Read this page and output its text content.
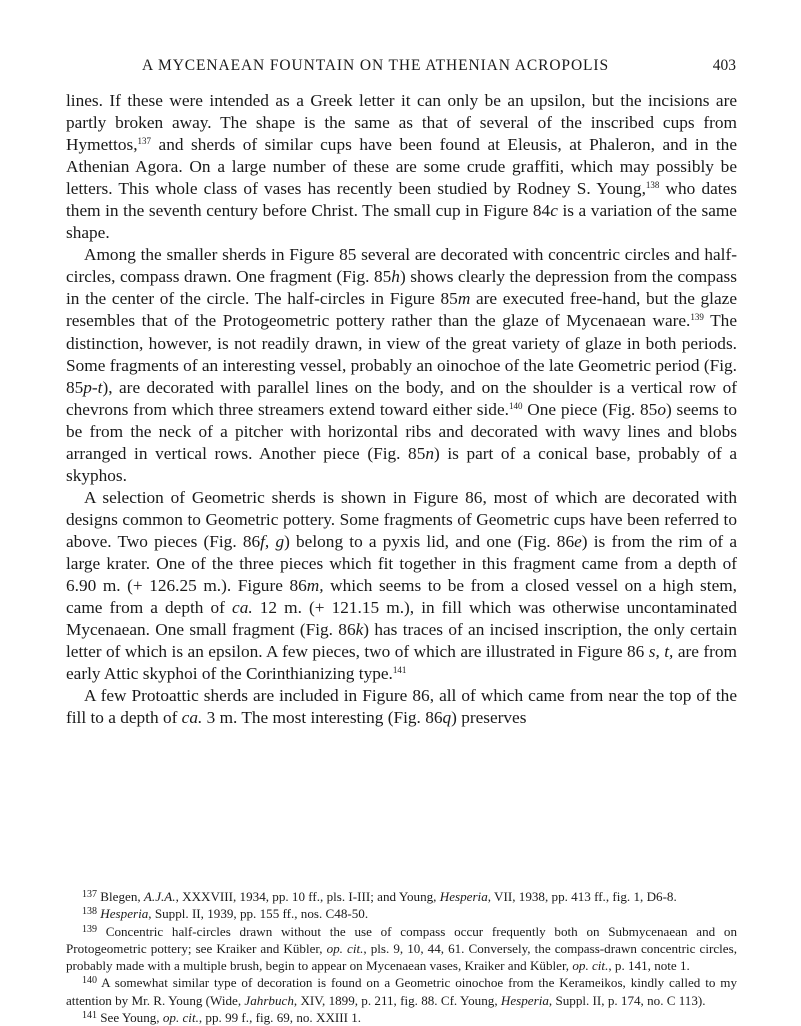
A MYCENAEAN FOUNTAIN ON THE ATHENIAN ACROPOLIS	403

lines. If these were intended as a Greek letter it can only be an upsilon, but the incisions are partly broken away. The shape is the same as that of several of the inscribed cups from Hymettos,$^{137}$ and sherds of similar cups have been found at Eleusis, at Phaleron, and in the Athenian Agora. On a large number of these are some crude graffiti, which may possibly be letters. This whole class of vases has recently been studied by Rodney S. Young,$^{138}$ who dates them in the seventh century before Christ. The small cup in Figure 84c is a variation of the same shape.

Among the smaller sherds in Figure 85 several are decorated with concentric circles and half-circles, compass drawn. One fragment (Fig. 85h) shows clearly the depression from the compass in the center of the circle. The half-circles in Figure 85m are executed free-hand, but the glaze resembles that of the Protogeometric pottery rather than the glaze of Mycenaean ware.$^{139}$ The distinction, however, is not readily drawn, in view of the great variety of glaze in both periods. Some fragments of an interesting vessel, probably an oinochoe of the late Geometric period (Fig. 85p-t), are decorated with parallel lines on the body, and on the shoulder is a vertical row of chevrons from which three streamers extend toward either side.$^{140}$ One piece (Fig. 85o) seems to be from the neck of a pitcher with horizontal ribs and decorated with wavy lines and blobs arranged in vertical rows. Another piece (Fig. 85n) is part of a conical base, probably of a skyphos.

A selection of Geometric sherds is shown in Figure 86, most of which are decorated with designs common to Geometric pottery. Some fragments of Geometric cups have been referred to above. Two pieces (Fig. 86f, g) belong to a pyxis lid, and one (Fig. 86e) is from the rim of a large krater. One of the three pieces which fit together in this fragment came from a depth of 6.90 m. (+ 126.25 m.). Figure 86m, which seems to be from a closed vessel on a high stem, came from a depth of ca. 12 m. (+ 121.15 m.), in fill which was otherwise uncontaminated Mycenaean. One small fragment (Fig. 86k) has traces of an incised inscription, the only certain letter of which is an epsilon. A few pieces, two of which are illustrated in Figure 86 s, t, are from early Attic skyphoi of the Corinthianizing type.$^{141}$

A few Protoattic sherds are included in Figure 86, all of which came from near the top of the fill to a depth of ca. 3 m. The most interesting (Fig. 86q) preserves

$^{137}$ Blegen, A.J.A., XXXVIII, 1934, pp. 10 ff., pls. I-III; and Young, Hesperia, VII, 1938, pp. 413 ff., fig. 1, D6-8.

$^{138}$ Hesperia, Suppl. II, 1939, pp. 155 ff., nos. C48-50.

$^{139}$ Concentric half-circles drawn without the use of compass occur frequently both on Submycenaean and on Protogeometric pottery; see Kraiker and Kübler, op. cit., pls. 9, 10, 44, 61. Conversely, the compass-drawn concentric circles, probably made with a multiple brush, begin to appear on Mycenaean vases, Kraiker and Kübler, op. cit., p. 141, note 1.

$^{140}$ A somewhat similar type of decoration is found on a Geometric oinochoe from the Kerameikos, kindly called to my attention by Mr. R. Young (Wide, Jahrbuch, XIV, 1899, p. 211, fig. 88. Cf. Young, Hesperia, Suppl. II, p. 174, no. C 113).

$^{141}$ See Young, op. cit., pp. 99 f., fig. 69, no. XXIII 1.
